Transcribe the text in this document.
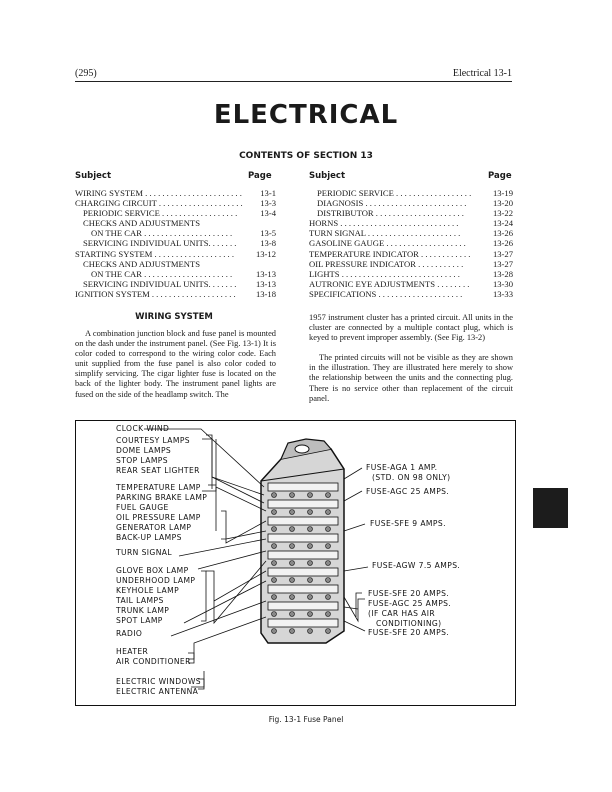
(295)	Electrical 13-1
ELECTRICAL
CONTENTS OF SECTION 13
Subject	Page	Subject	Page
WIRING SYSTEM . . . . . . . . . . . . . . . . . . . . . . . 13-1
CHARGING CIRCUIT . . . . . . . . . . . . . . . . . . . . 13-3
PERIODIC SERVICE . . . . . . . . . . . . . . . . . .	13-4
CHECKS AND ADJUSTMENTS
ON THE CAR . . . . . . . . . . . . . . . . . . . . .	13-5
SERVICING INDIVIDUAL UNITS. . . . . . .	13-8
STARTING SYSTEM . . . . . . . . . . . . . . . . . . .	13-12
CHECKS AND ADJUSTMENTS
ON THE CAR . . . . . . . . . . . . . . . . . . . . .	13-13
SERVICING INDIVIDUAL UNITS. . . . . . . 13-13
IGNITION SYSTEM . . . . . . . . . . . . . . . . . . . . 13-18
PERIODIC SERVICE . . . . . . . . . . . . . . . . . .	13-19
DIAGNOSIS . . . . . . . . . . . . . . . . . . . . . . . .	13-20
DISTRIBUTOR . . . . . . . . . . . . . . . . . . . . .	13-22
HORNS . . . . . . . . . . . . . . . . . . . . . . . . . . . .	13-24
TURN SIGNAL . . . . . . . . . . . . . . . . . . . . . .	13-26
GASOLINE GAUGE . . . . . . . . . . . . . . . . . . .	13-26
TEMPERATURE INDICATOR . . . . . . . . . . . .	13-27
OIL PRESSURE INDICATOR . . . . . . . . . . .	13-27
LIGHTS . . . . . . . . . . . . . . . . . . . . . . . . . . . .	13-28
AUTRONIC EYE ADJUSTMENTS . . . . . . . .	13-30
SPECIFICATIONS . . . . . . . . . . . . . . . . . . . .	13-33
WIRING SYSTEM

A combination junction block and fuse panel is mounted on the dash under the instrument panel. (See Fig. 13-1) It is color coded to correspond to the wiring color code. Each unit supplied from the fuse panel is also color coded to simplify servicing. The cigar lighter fuse is located on the back of the lighter body. The instrument panel lights are fused on the side of the headlamp switch. The

1957 instrument cluster has a printed circuit. All units in the cluster are connected by a multiple contact plug, which is keyed to prevent improper assembly. (See Fig. 13-2)

The printed circuits will not be visible as they are shown in the illustration. They are illustrated here merely to show the relationship between the units and the connecting plug. There is no service other than replacement of the circuit panel.

CLOCK WIND
COURTESY LAMPS
DOME LAMPS
STOP LAMPS
REAR SEAT LIGHTER
TEMPERATURE LAMP
PARKING BRAKE LAMP
FUEL GAUGE
OIL PRESSURE LAMP
GENERATOR LAMP
BACK-UP LAMPS
TURN SIGNAL
GLOVE BOX LAMP
UNDERHOOD LAMP
KEYHOLE LAMP
TAIL LAMPS
TRUNK LAMP
SPOT LAMP
RADIO
HEATER
AIR CONDITIONER
ELECTRIC WINDOWS
ELECTRIC ANTENNA
FUSE-AGA 1 AMP.
(STD. ON 98 ONLY)
FUSE-AGC 25 AMPS.
FUSE-SFE 9 AMPS.
FUSE-AGW 7.5 AMPS.
FUSE-SFE 20 AMPS.
FUSE-AGC 25 AMPS.
(IF CAR HAS AIR
CONDITIONING)
FUSE-SFE 20 AMPS.
Fig. 13-1 Fuse Panel
